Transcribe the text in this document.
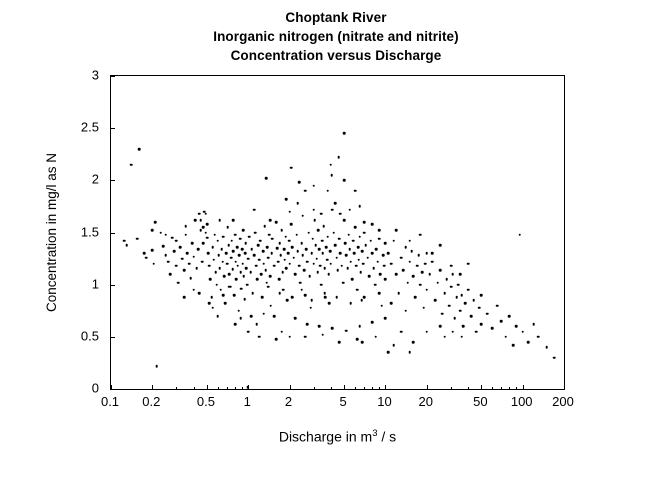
Choptank River
Inorganic nitrogen (nitrate and nitrite)
Concentration versus Discharge
Concentration in mg/l as N
Discharge in $m^3$ / s
0.1 0.2	0.5 1	2	5 10 20	50 100 200
0
0.5
1
1.5
2
2.5
3
